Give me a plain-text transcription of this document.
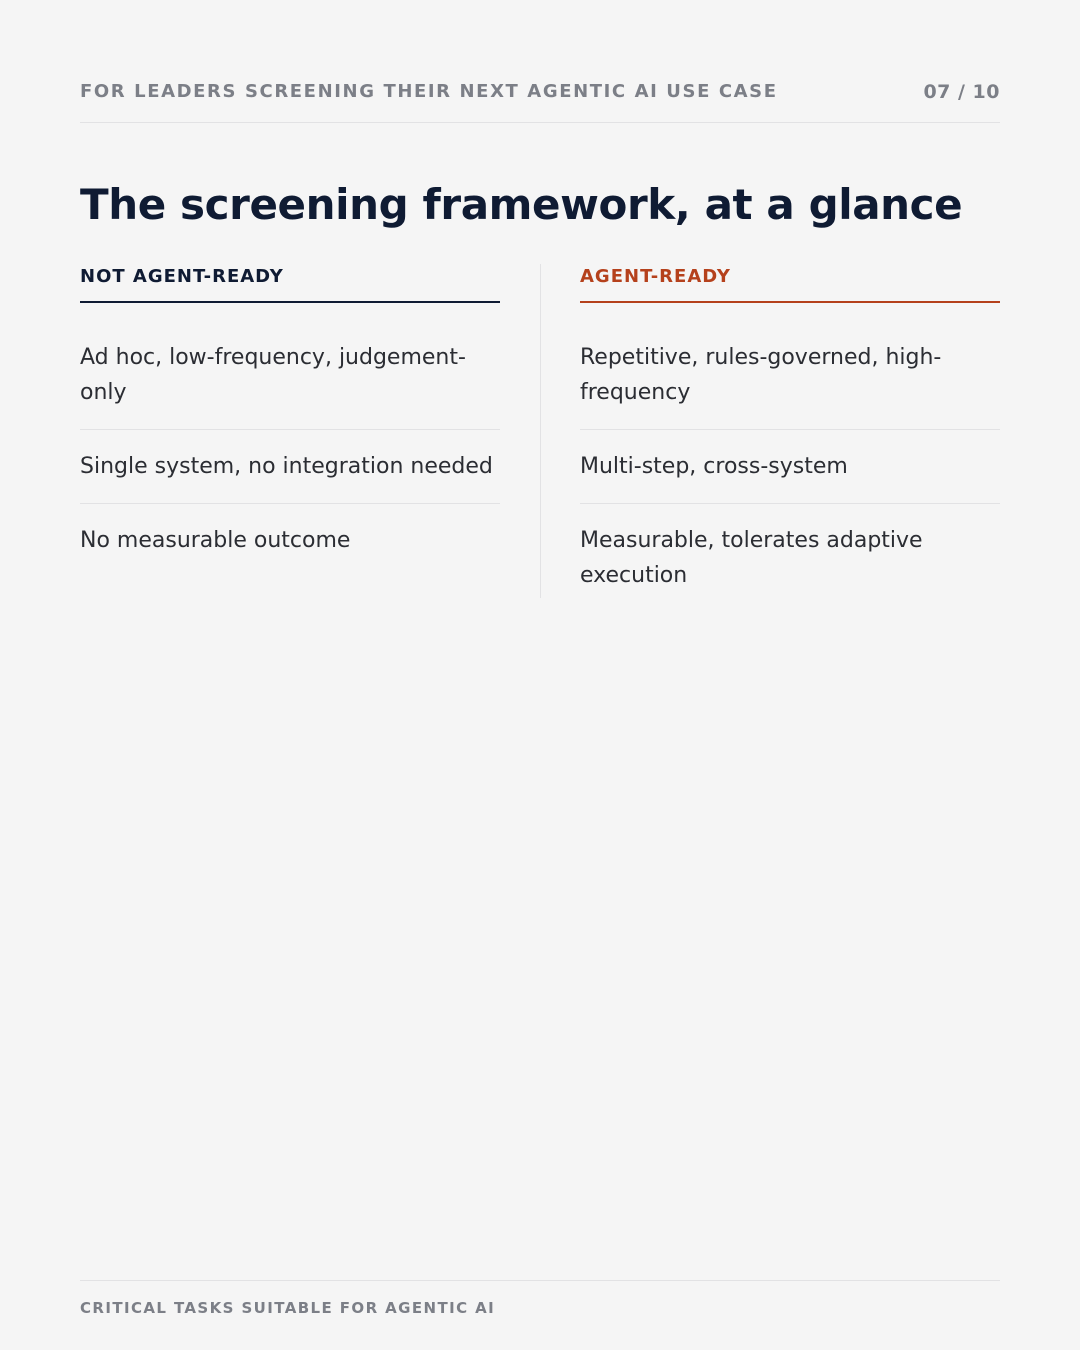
FOR LEADERS SCREENING THEIR NEXT AGENTIC AI USE CASE	07 / 10
The screening framework, at a glance
NOT AGENT-READY
Ad hoc, low-frequency, judgement-only
Single system, no integration needed
No measurable outcome
AGENT-READY
Repetitive, rules-governed, high-frequency
Multi-step, cross-system
Measurable, tolerates adaptive execution
CRITICAL TASKS SUITABLE FOR AGENTIC AI
